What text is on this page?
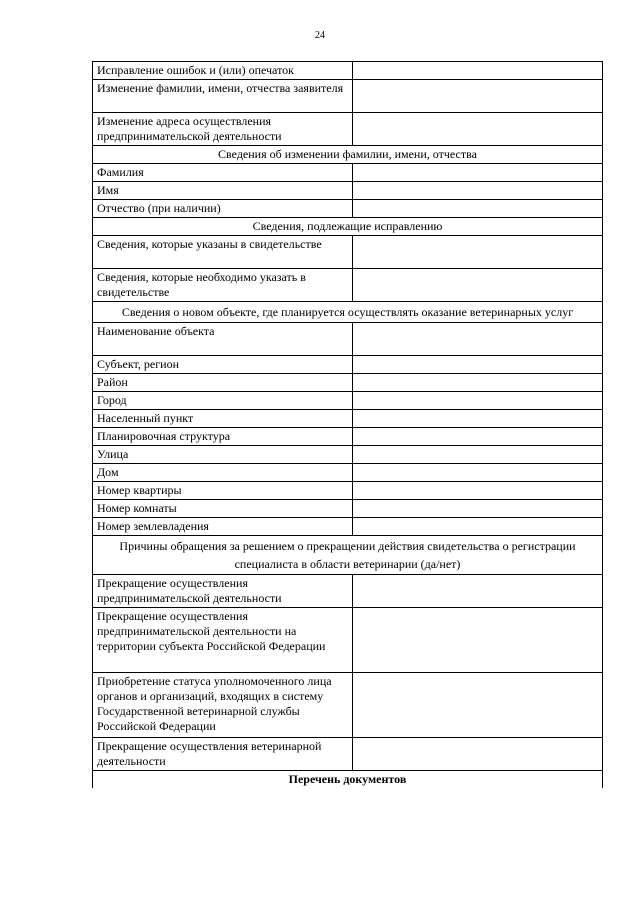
24
Исправление ошибок и (или) опечаток	
Изменение фамилии, имени, отчества заявителя	
Изменение адреса осуществления предпринимательской деятельности	
Сведения об изменении фамилии, имени, отчества	
Фамилия	
Имя	
Отчество (при наличии)	
Сведения, подлежащие исправлению	
Сведения, которые указаны в свидетельстве	
Сведения, которые необходимо указать в свидетельстве	
Сведения о новом объекте, где планируется осуществлять оказание ветеринарных услуг	
Наименование объекта	
Субъект, регион	
Район	
Город	
Населенный пункт	
Планировочная структура	
Улица	
Дом	
Номер квартиры	
Номер комнаты	
Номер землевладения	
Причины обращения за решением о прекращении действия свидетельства о регистрации специалиста в области ветеринарии (да/нет)	
Прекращение осуществления предпринимательской деятельности	
Прекращение осуществления предпринимательской деятельности на территории субъекта Российской Федерации	
Приобретение статуса уполномоченного лица органов и организаций, входящих в систему Государственной ветеринарной службы Российской Федерации	
Прекращение осуществления ветеринарной деятельности	
Перечень документов	
